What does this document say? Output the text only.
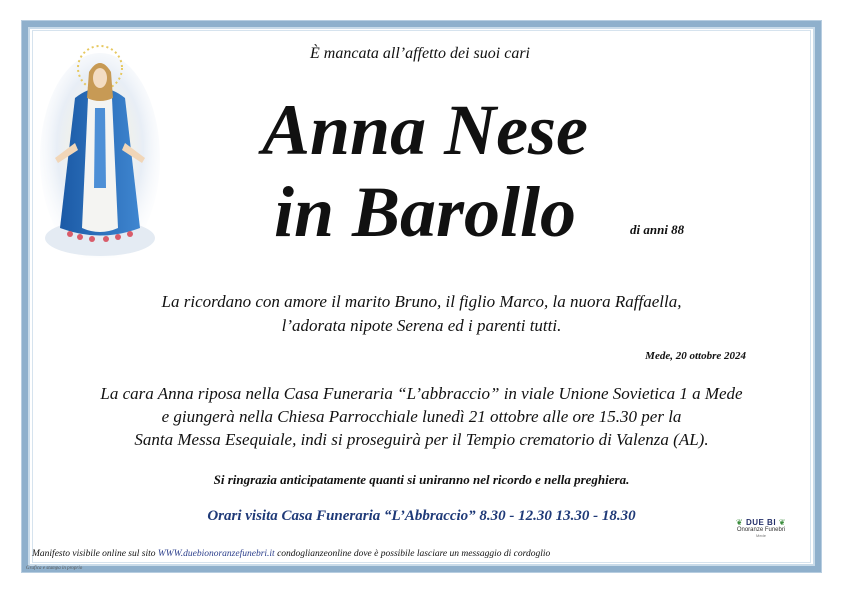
È mancata all’affetto dei suoi cari
Anna Nese
in Barollo	di anni 88
La ricordano con amore il marito Bruno, il figlio Marco, la nuora Raffaella,
l’adorata nipote Serena ed i parenti tutti.
Mede, 20 ottobre 2024
La cara Anna riposa nella Casa Funeraria “L’abbraccio” in viale Unione Sovietica 1 a Mede
e giungerà nella Chiesa Parrocchiale lunedì 21 ottobre alle ore 15.30 per la
Santa Messa Esequiale, indi si proseguirà per il Tempio crematorio di Valenza (AL).
Si ringrazia anticipatamente quanti si uniranno nel ricordo e nella preghiera.
Orari visita Casa Funeraria “L’Abbraccio” 8.30 - 12.30 13.30 - 18.30	❦ DUE BI ❦
Onoranze Funebri
Mede
Manifesto visibile online sul sito WWW.duebionoranzefunebri.it condoglianzeonline dove è possibile lasciare un messaggio di cordoglio
Grafica e stampa in proprio
